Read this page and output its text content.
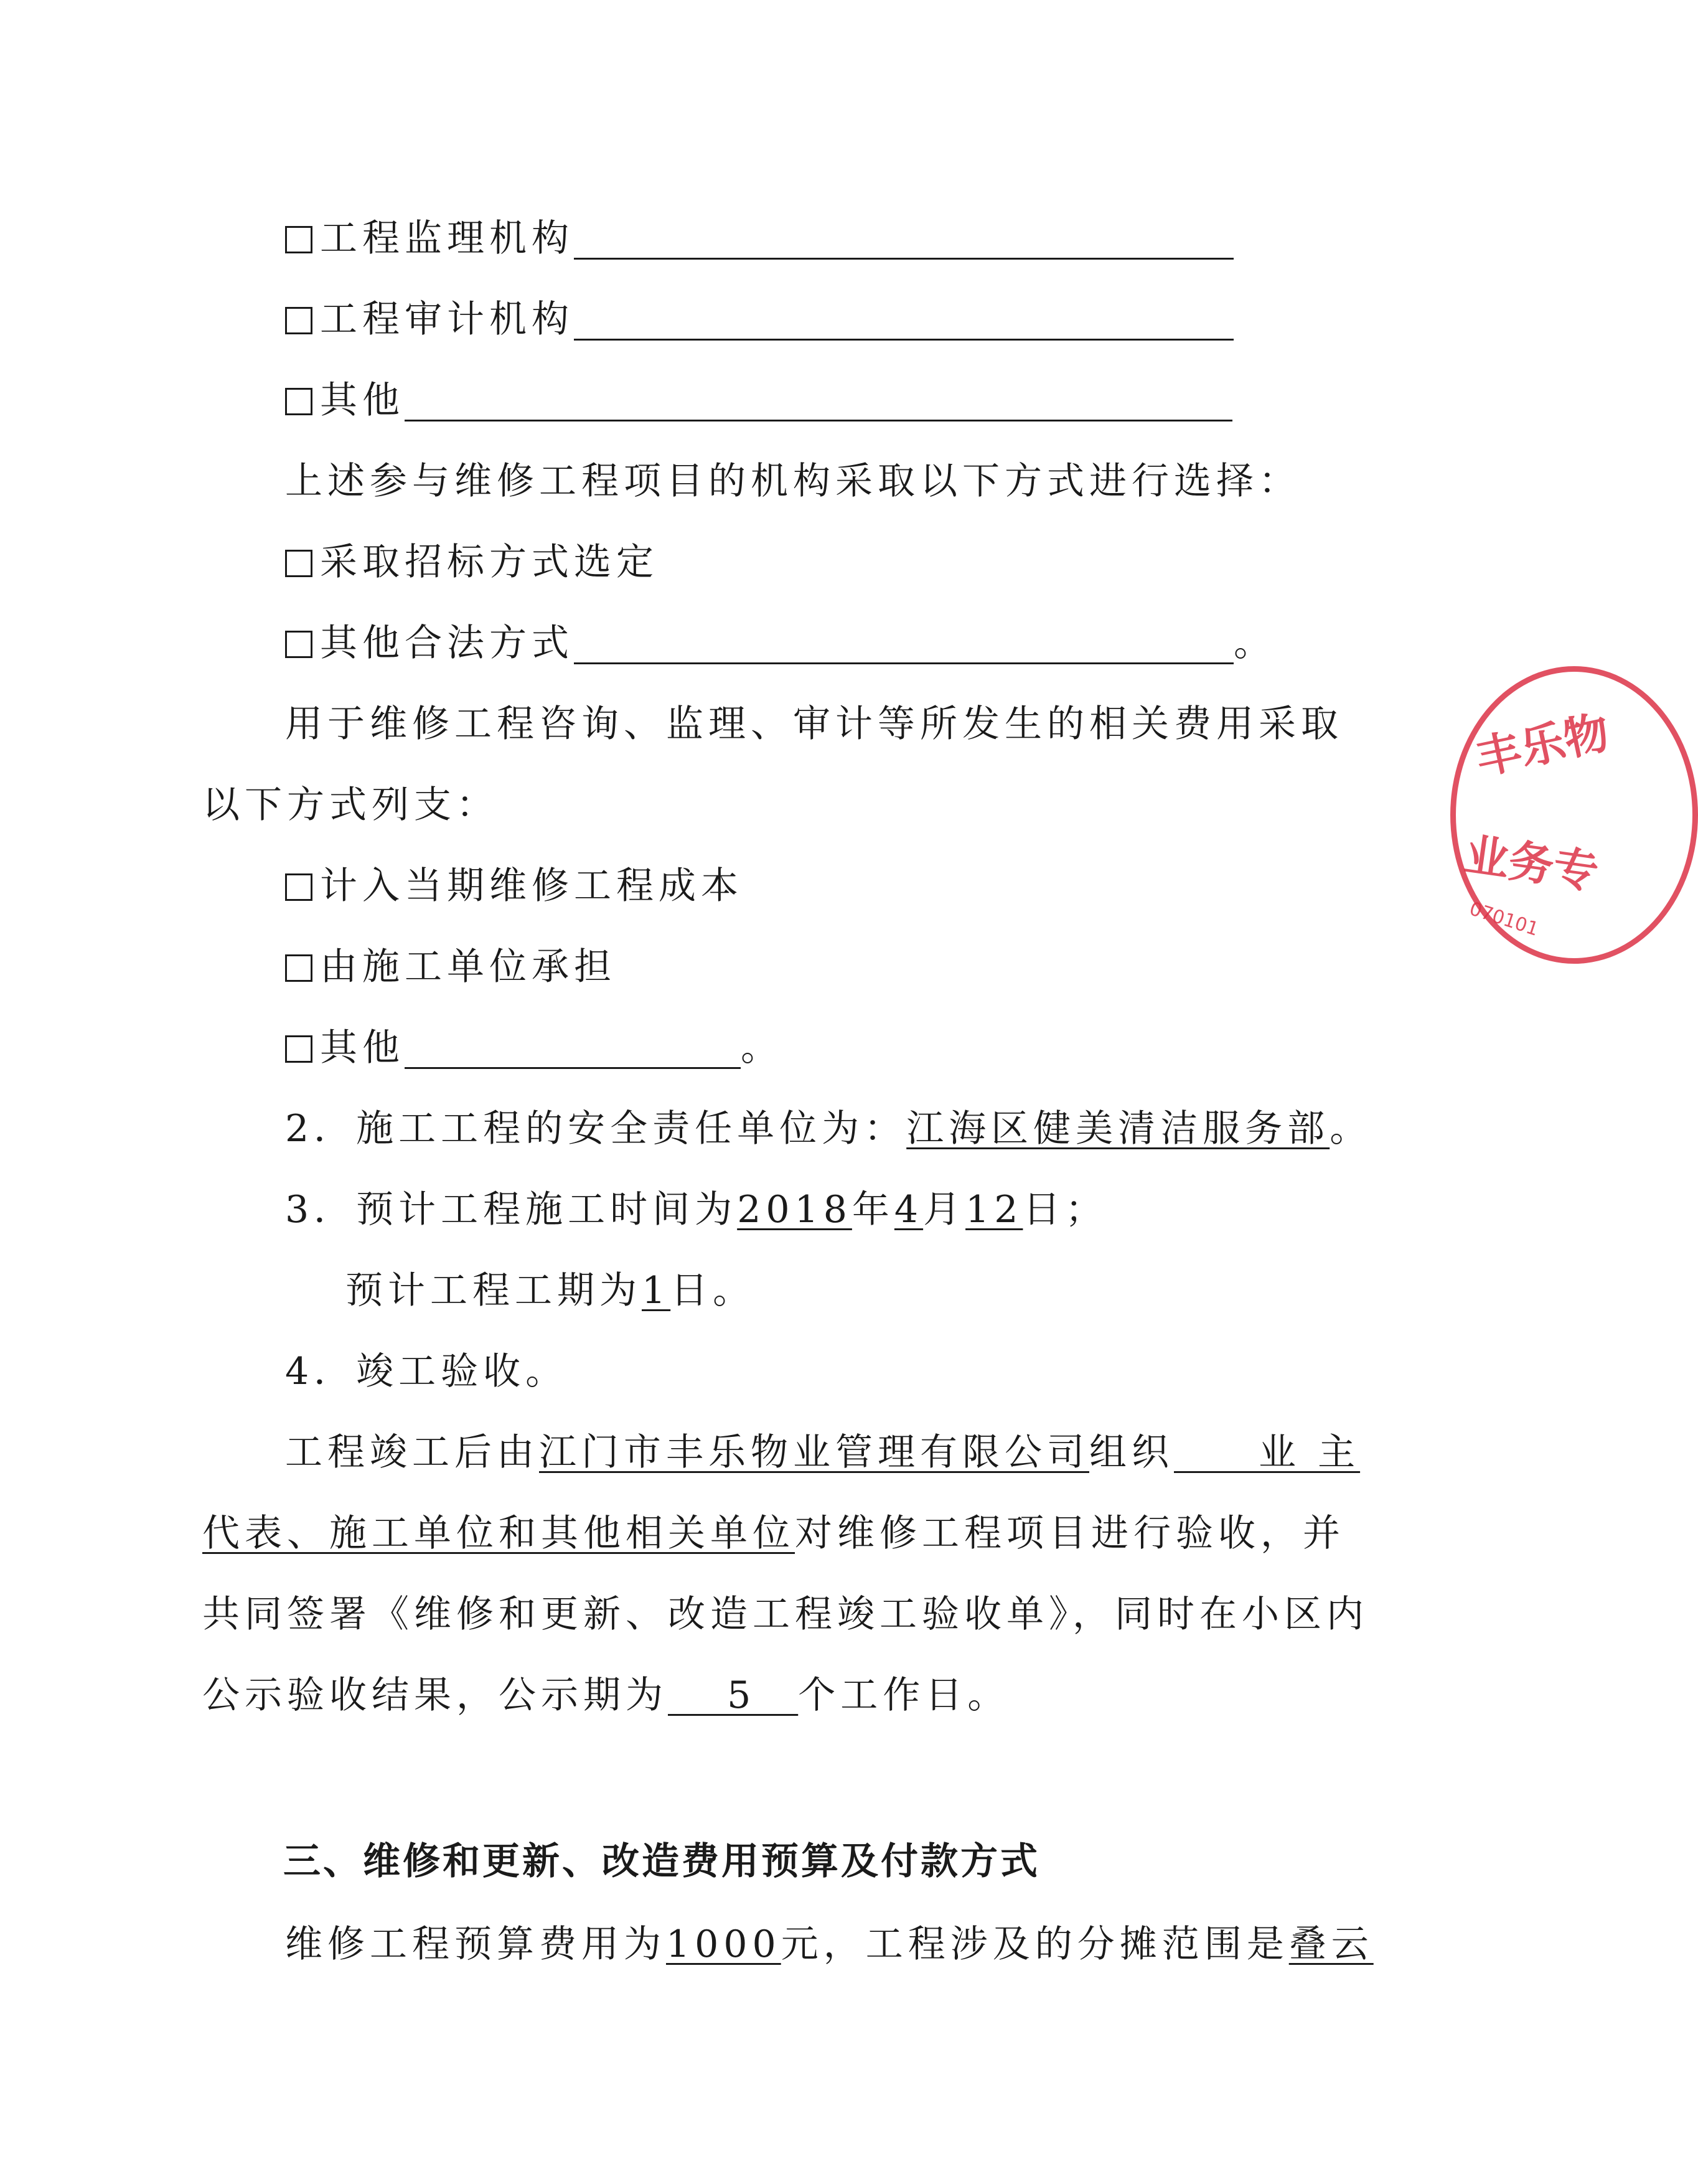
工程监理机构
工程审计机构
其他
上述参与维修工程项目的机构采取以下方式进行选择：
采取招标方式选定
其他合法方式	。
用于维修工程咨询、监理、审计等所发生的相关费用采取
以下方式列支：
计入当期维修工程成本
由施工单位承担
其他	。
2．施工工程的安全责任单位为：江海区健美清洁服务部。
3．预计工程施工时间为2018年4月12日；
预计工程工期为1日。
4．竣工验收。
工程竣工后由江门市丰乐物业管理有限公司组织　　业 主
代表、施工单位和其他相关单位对维修工程项目进行验收，并
共同签署《维修和更新、改造工程竣工验收单》，同时在小区内
公示验收结果，公示期为　 5　个工作日。
三、维修和更新、改造费用预算及付款方式
维修工程预算费用为1000元，工程涉及的分摊范围是叠云
丰乐物
业务专
070101
